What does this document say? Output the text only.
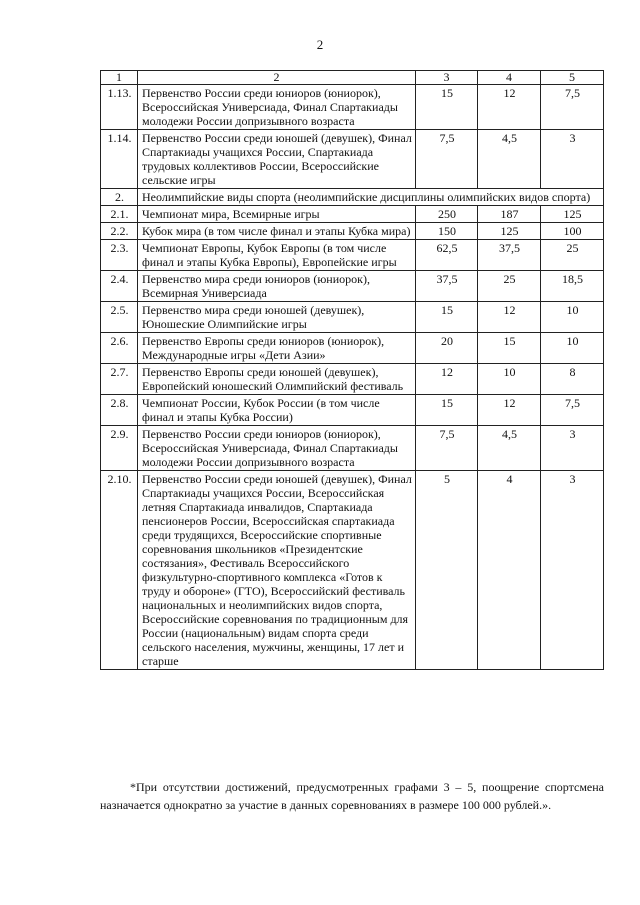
2
1	2	3	4	5
1.13.	Первенство России среди юниоров (юниорок), Всероссийская Универсиада, Финал Спартакиады молодежи России допризывного возраста	15	12	7,5
1.14.	Первенство России среди юношей (девушек), Финал Спартакиады учащихся России, Спартакиада трудовых коллективов России, Всероссийские сельские игры	7,5	4,5	3
2.	Неолимпийские виды спорта (неолимпийские дисциплины олимпийских видов спорта)			
2.1.	Чемпионат мира, Всемирные игры	250	187	125
2.2.	Кубок мира (в том числе финал и этапы Кубка мира)	150	125	100
2.3.	Чемпионат Европы, Кубок Европы (в том числе финал и этапы Кубка Европы), Европейские игры	62,5	37,5	25
2.4.	Первенство мира среди юниоров (юниорок), Всемирная Универсиада	37,5	25	18,5
2.5.	Первенство мира среди юношей (девушек), Юношеские Олимпийские игры	15	12	10
2.6.	Первенство Европы среди юниоров (юниорок), Международные игры «Дети Азии»	20	15	10
2.7.	Первенство Европы среди юношей (девушек), Европейский юношеский Олимпийский фестиваль	12	10	8
2.8.	Чемпионат России, Кубок России (в том числе финал и этапы Кубка России)	15	12	7,5
2.9.	Первенство России среди юниоров (юниорок), Всероссийская Универсиада, Финал Спартакиады молодежи России допризывного возраста	7,5	4,5	3
2.10.	Первенство России среди юношей (девушек), Финал Спартакиады учащихся России, Всероссийская летняя Спартакиада инвалидов, Спартакиада пенсионеров России, Всероссийская спартакиада среди трудящихся, Всероссийские спортивные соревнования школьников «Президентские состязания», Фестиваль Всероссийского физкультурно-спортивного комплекса «Готов к труду и обороне» (ГТО), Всероссийский фестиваль национальных и неолимпийских видов спорта, Всероссийские соревнования по традиционным для России (национальным) видам спорта среди сельского населения, мужчины, женщины, 17 лет и старше	5	4	3
*При отсутствии достижений, предусмотренных графами 3 – 5, поощрение спортсмена назначается однократно за участие в данных соревнованиях в размере 100 000 рублей.».
